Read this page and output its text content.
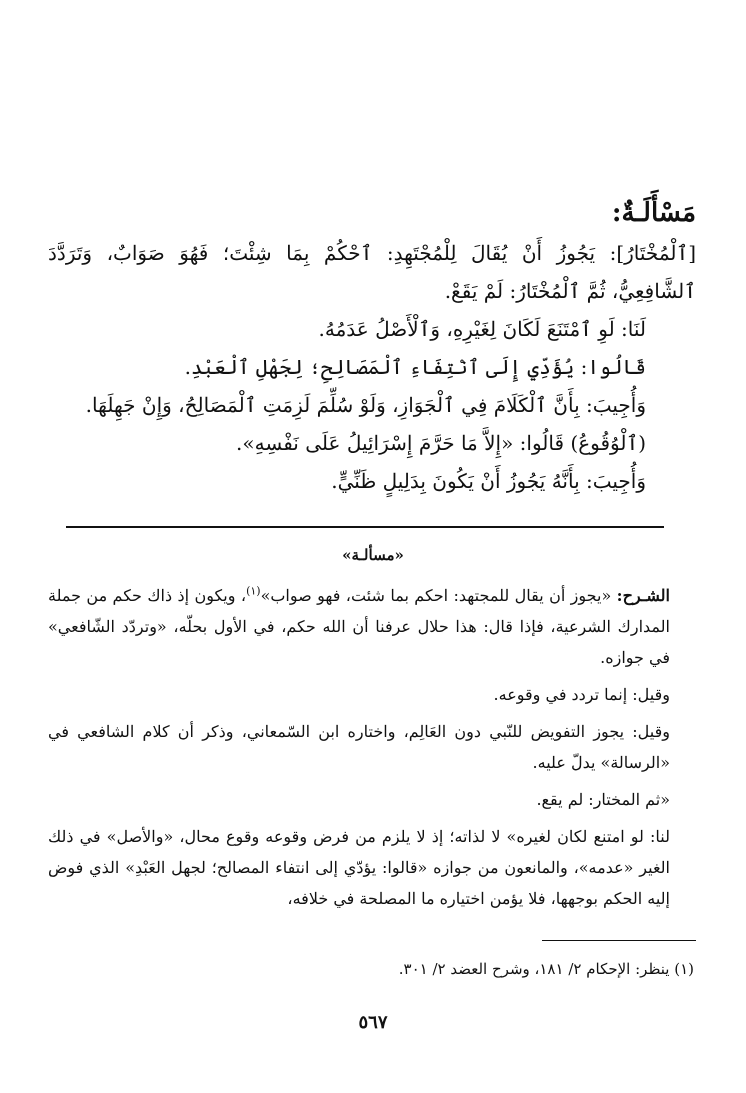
مَسْأَلَـةٌ:

[ٱلْمُخْتَارُ]: يَجُوزُ أَنْ يُقَالَ لِلْمُجْتَهِدِ: ٱحْكُمْ بِمَا شِئْتَ؛ فَهُوَ صَوَابٌ، وَتَرَدَّدَ ٱلشَّافِعِيُّ، ثُمَّ ٱلْمُخْتَارُ: لَمْ يَقَعْ.

لَنَا: لَوِ ٱمْتَنَعَ لَكَانَ لِغَيْرِهِ، وَٱلْأَصْلُ عَدَمُهُ.

قَالُوا: يُؤَدِّي إِلَى ٱنْتِفَاءِ ٱلْمَصَالِحِ؛ لِجَهْلِ ٱلْعَبْدِ.

وَأُجِيبَ: بِأَنَّ ٱلْكَلَامَ فِي ٱلْجَوَازِ، وَلَوْ سُلِّمَ لَزِمَتِ ٱلْمَصَالِحُ، وَإِنْ جَهِلَهَا.

(ٱلْوُقُوعُ) قَالُوا: «إِلاَّ مَا حَرَّمَ إِسْرَائِيلُ عَلَى نَفْسِهِ».

وَأُجِيبَ: بِأَنَّهُ يَجُوزُ أَنْ يَكُونَ بِدَلِيلٍ ظَنِّيٍّ.

«مسألـة»

الشـرح: «يجوز أن يقال للمجتهد: احكم بما شئت، فهو صواب»$^{(١)}$، ويكون إذ ذاك حكم من جملة المدارك الشرعية، فإذا قال: هذا حلال عرفنا أن الله حكم، في الأول بحلّه، «وتردّد الشّافعي» في جوازه.

وقيل: إنما تردد في وقوعه.

وقيل: يجوز التفويض للنّبي دون العَالِم، واختاره ابن السّمعاني، وذكر أن كلام الشافعي في «الرسالة» يدلّ عليه.

«ثم المختار: لم يقع.

لنا: لو امتنع لكان لغيره» لا لذاته؛ إذ لا يلزم من فرض وقوعه وقوع محال، «والأصل» في ذلك الغير «عدمه»، والمانعون من جوازه «قالوا: يؤدّي إلى انتفاء المصالح؛ لجهل العَبْدِ» الذي فوض إليه الحكم بوجهها، فلا يؤمن اختياره ما المصلحة في خلافه،

(١) ينظر: الإحكام ٢/ ١٨١، وشرح العضد ٢/ ٣٠١.
٥٦٧
